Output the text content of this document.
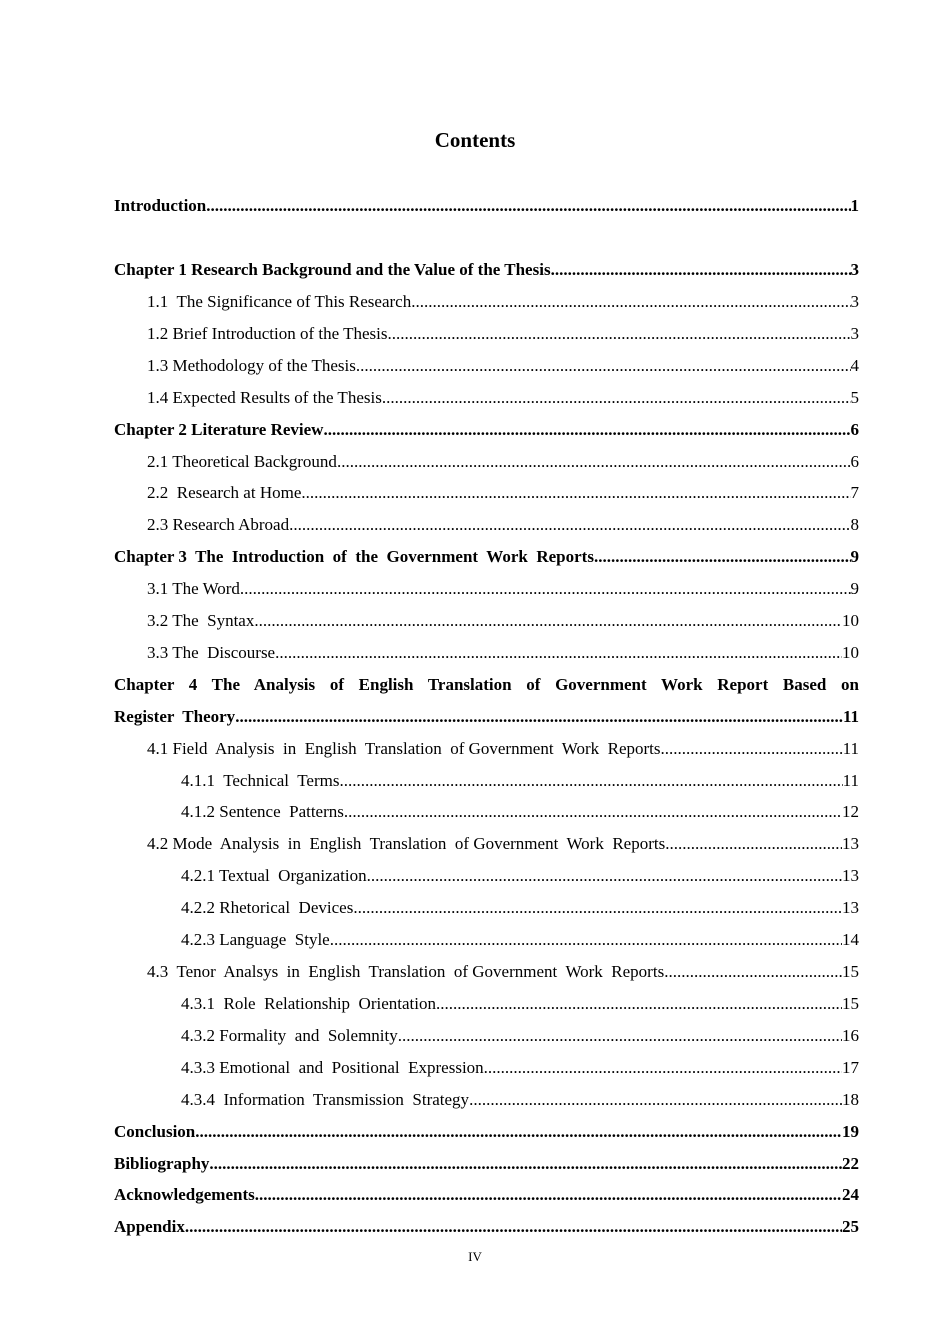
Contents
Introduction .....	1
Chapter 1 Research Background and the Value of the Thesis .....	3
1.1  The Significance of This Research .....	3
1.2 Brief Introduction of the Thesis .....	3
1.3 Methodology of the Thesis .....	4
1.4 Expected Results of the Thesis .....	5
Chapter 2 Literature Review .....	6
2.1 Theoretical Background .....	6
2.2  Research at Home .....	7
2.3 Research Abroad .....	8
Chapter 3  The  Introduction  of  the  Government  Work  Reports .....	9
3.1 The Word .....	9
3.2 The  Syntax .....	10
3.3 The  Discourse .....	10
Chapter 4 The Analysis of English Translation of Government Work Report Based on
Register  Theory .....	11
4.1 Field  Analysis  in  English  Translation  of Government  Work  Reports .....	11
4.1.1  Technical  Terms .....	11
4.1.2 Sentence  Patterns .....	12
4.2 Mode  Analysis  in  English  Translation  of Government  Work  Reports .....	13
4.2.1 Textual  Organization .....	13
4.2.2 Rhetorical  Devices .....	13
4.2.3 Language  Style .....	14
4.3  Tenor  Analsys  in  English  Translation  of Government  Work  Reports .....	15
4.3.1  Role  Relationship  Orientation .....	15
4.3.2 Formality  and  Solemnity .....	16
4.3.3 Emotional  and  Positional  Expression .....	17
4.3.4  Information  Transmission  Strategy .....	18
Conclusion .....	19
Bibliography .....	22
Acknowledgements .....	24
Appendix .....	25
IV
